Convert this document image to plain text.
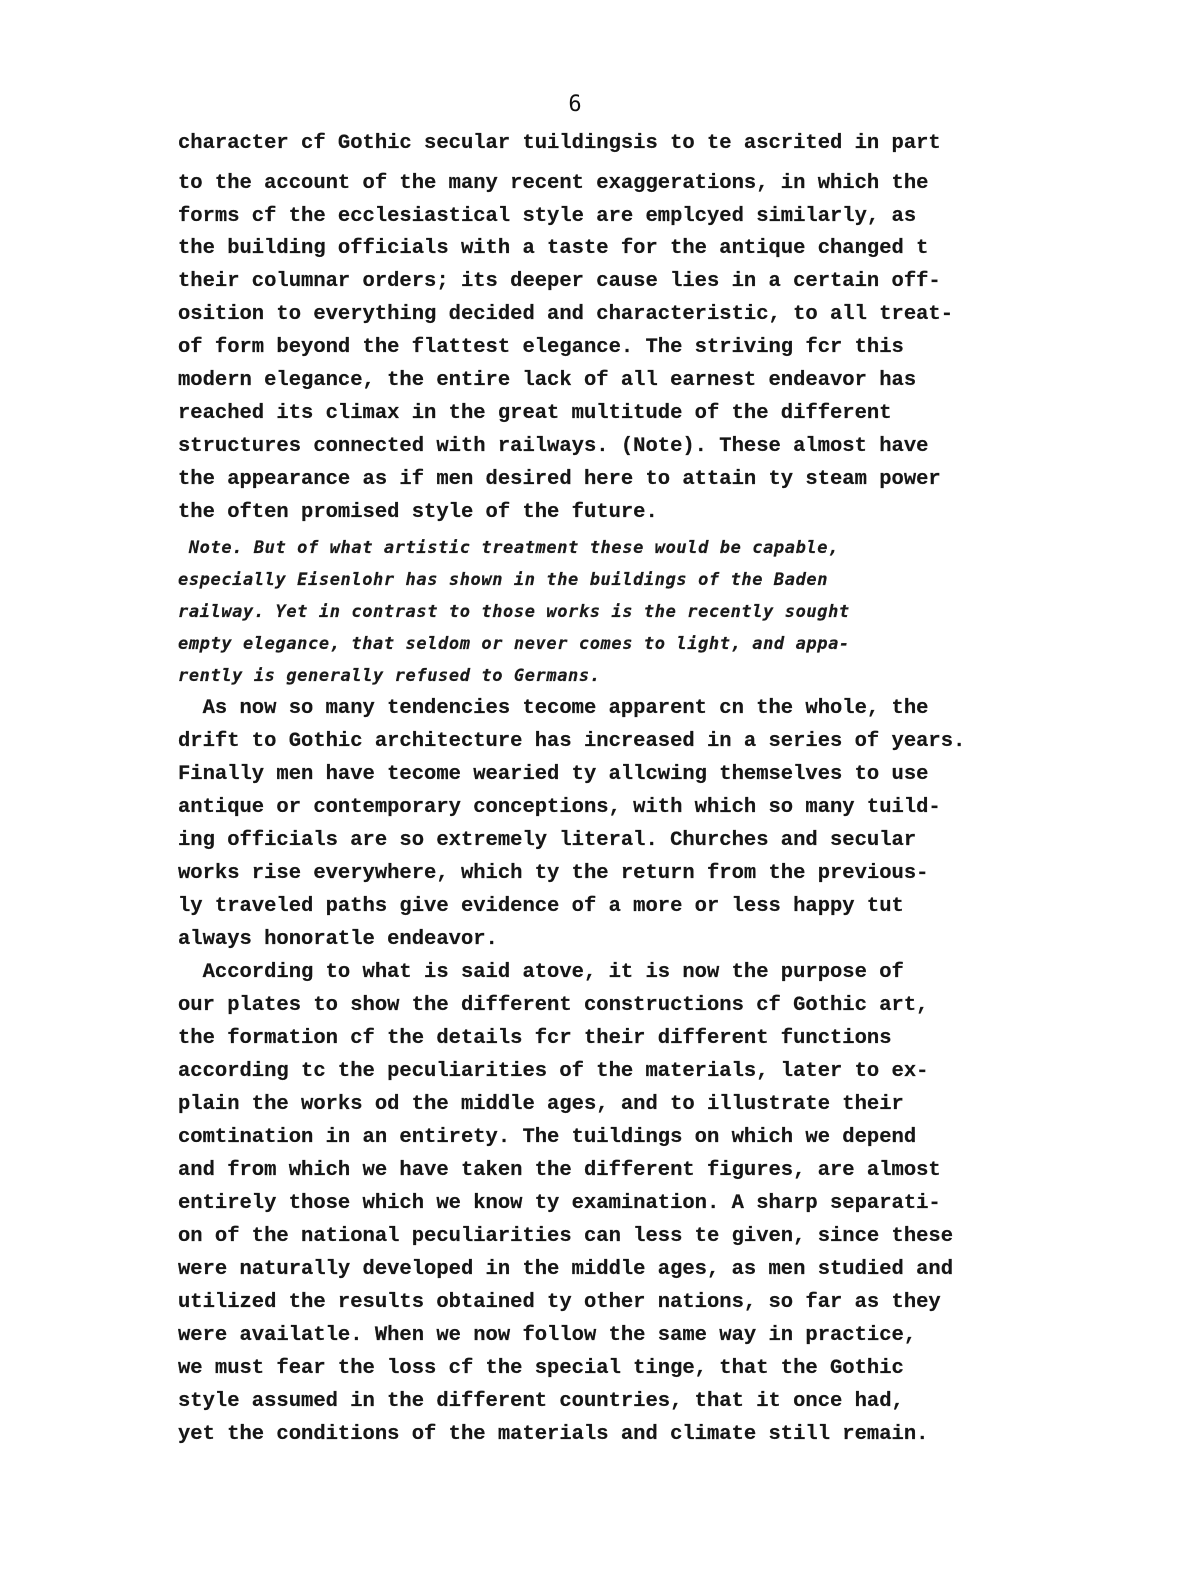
6
character cf Gothic secular tuildingsis to te ascrited in part
to the account of the many recent exaggerations, in which the
forms cf the ecclesiastical style are emplcyed similarly, as
the building officials with a taste for the antique changed t
their columnar orders; its deeper cause lies in a certain off-
osition to everything decided and characteristic, to all treat-
of form beyond the flattest elegance. The striving fcr this
modern elegance, the entire lack of all earnest endeavor has
reached its climax in the great multitude of the different
structures connected with railways. (Note). These almost have
the appearance as if men desired here to attain ty steam power
the often promised style of the future.
Note. But of what artistic treatment these would be capable,
especially Eisenlohr has shown in the buildings of the Baden
railway. Yet in contrast to those works is the recently sought
empty elegance, that seldom or never comes to light, and appa-
rently is generally refused to Germans.
As now so many tendencies tecome apparent cn the whole, the
drift to Gothic architecture has increased in a series of years.
Finally men have tecome wearied ty allcwing themselves to use
antique or contemporary conceptions, with which so many tuild-
ing officials are so extremely literal. Churches and secular
works rise everywhere, which ty the return from the previous-
ly traveled paths give evidence of a more or less happy tut
always honoratle endeavor.
According to what is said atove, it is now the purpose of
our plates to show the different constructions cf Gothic art,
the formation cf the details fcr their different functions
according tc the peculiarities of the materials, later to ex-
plain the works od the middle ages, and to illustrate their
comtination in an entirety. The tuildings on which we depend
and from which we have taken the different figures, are almost
entirely those which we know ty examination. A sharp separati-
on of the national peculiarities can less te given, since these
were naturally developed in the middle ages, as men studied and
utilized the results obtained ty other nations, so far as they
were availatle. When we now follow the same way in practice,
we must fear the loss cf the special tinge, that the Gothic
style assumed in the different countries, that it once had,
yet the conditions of the materials and climate still remain.
